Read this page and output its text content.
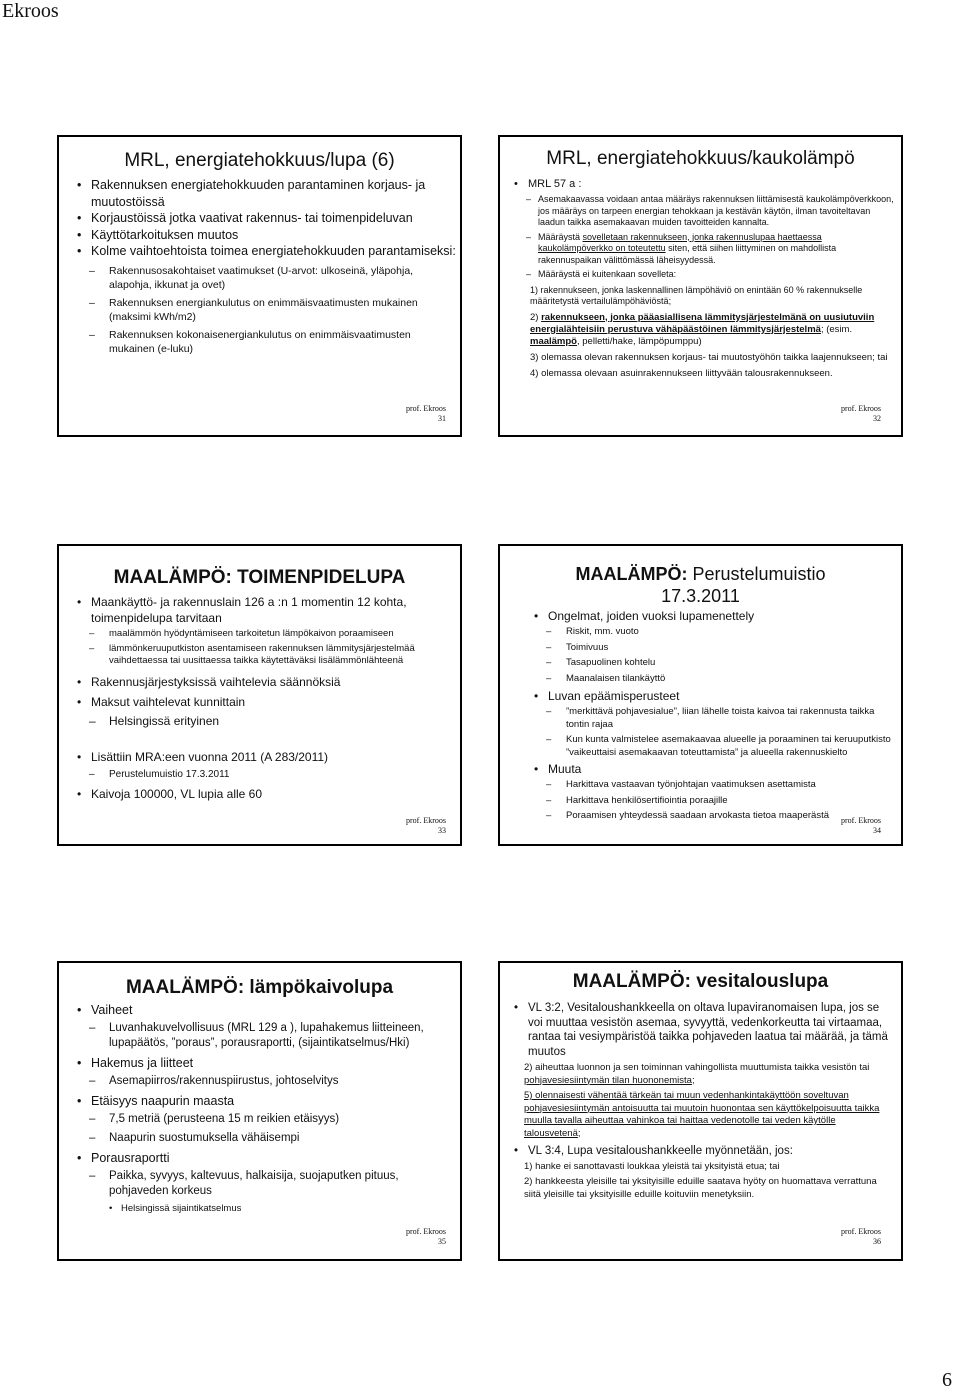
Ekroos
MRL, energiatehokkuus/lupa (6)
• Rakennuksen energiatehokkuuden parantaminen korjaus- ja muutostöissä
• Korjaustöissä jotka vaativat rakennus- tai toimenpideluvan
• Käyttötarkoituksen muutos
• Kolme vaihtoehtoista toimea energiatehokkuuden parantamiseksi:
– Rakennusosakohtaiset vaatimukset (U-arvot: ulkoseinä, yläpohja, alapohja, ikkunat ja ovet)
– Rakennuksen energiankulutus on enimmäisvaatimusten mukainen (maksimi kWh/m2)
– Rakennuksen kokonaisenergiankulutus on enimmäisvaatimusten mukainen (e-luku)
prof. Ekroos
31
MRL, energiatehokkuus/kaukolämpö
• MRL 57 a :
– Asemakaavassa voidaan antaa määräys rakennuksen liittämisestä kaukolämpöverkkoon, jos määräys on tarpeen energian tehokkaan ja kestävän käytön, ilman tavoiteltavan laadun taikka asemakaavan muiden tavoitteiden kannalta.
– Määräystä sovelletaan rakennukseen, jonka rakennuslupaa haettaessa kaukolämpöverkko on toteutettu siten, että siihen liittyminen on mahdollista rakennuspaikan välittömässä läheisyydessä.
– Määräystä ei kuitenkaan sovelleta:
1) rakennukseen, jonka laskennallinen lämpöhäviö on enintään 60 % rakennukselle määritetystä vertailulämpöhäviöstä;
2) rakennukseen, jonka pääasiallisena lämmitysjärjestelmänä on uusiutuviin energialähteisiin perustuva vähäpäästöinen lämmitysjärjestelmä; (esim. maalämpö, pelletti/hake, lämpöpumppu)
3) olemassa olevan rakennuksen korjaus- tai muutostyöhön taikka laajennukseen; tai
4) olemassa olevaan asuinrakennukseen liittyvään talousrakennukseen.
prof. Ekroos
32
MAALÄMPÖ: TOIMENPIDELUPA
• Maankäyttö- ja rakennuslain 126 a :n 1 momentin 12 kohta, toimenpidelupa tarvitaan
– maalämmön hyödyntämiseen tarkoitetun lämpökaivon poraamiseen
– lämmönkeruuputkiston asentamiseen rakennuksen lämmitysjärjestelmää vaihdettaessa tai uusittaessa taikka käytettäväksi lisälämmönlähteenä
• Rakennusjärjestyksissä vaihtelevia säännöksiä
• Maksut vaihtelevat kunnittain
– Helsingissä erityinen
• Lisättiin MRA:een vuonna 2011 (A 283/2011)
– Perustelumuistio 17.3.2011
• Kaivoja 100000, VL lupia alle 60
prof. Ekroos
33
MAALÄMPÖ: Perustelumuistio 17.3.2011
• Ongelmat, joiden vuoksi lupamenettely
– Riskit, mm. vuoto
– Toimivuus
– Tasapuolinen kohtelu
– Maanalaisen tilankäyttö
• Luvan epäämisperusteet
– ”merkittävä pohjavesialue”, liian lähelle toista kaivoa tai rakennusta taikka tontin rajaa
– Kun kunta valmistelee asemakaavaa alueelle ja poraaminen tai keruuputkisto ”vaikeuttaisi asemakaavan toteuttamista” ja alueella rakennuskielto
• Muuta
– Harkittava vastaavan työnjohtajan vaatimuksen asettamista
– Harkittava henkilösertifiointia poraajille
– Poraamisen yhteydessä saadaan arvokasta tietoa maaperästä	prof. Ekroos
34
MAALÄMPÖ: lämpökaivolupa
• Vaiheet
– Luvanhakuvelvollisuus (MRL 129 a ), lupahakemus liitteineen, lupapäätös, ”poraus”, porausraportti, (sijaintikatselmus/Hki)
• Hakemus ja liitteet
– Asemapiirros/rakennuspiirustus, johtoselvitys
• Etäisyys naapurin maasta
– 7,5 metriä (perusteena 15 m reikien etäisyys)
– Naapurin suostumuksella vähäisempi
• Porausraportti
– Paikka, syvyys, kaltevuus, halkaisija, suojaputken pituus, pohjaveden korkeus
• Helsingissä sijaintikatselmus
prof. Ekroos
35
MAALÄMPÖ: vesitalouslupa
• VL 3:2, Vesitaloushankkeella on oltava lupaviranomaisen lupa, jos se voi muuttaa vesistön asemaa, syvyyttä, vedenkorkeutta tai virtaamaa, rantaa tai vesiympäristöä taikka pohjaveden laatua tai määrää, ja tämä muutos
2) aiheuttaa luonnon ja sen toiminnan vahingollista muuttumista taikka vesistön tai pohjavesiesiintymän tilan huononemista;
5) olennaisesti vähentää tärkeän tai muun vedenhankintakäyttöön soveltuvan pohjavesiesiintymän antoisuutta tai muutoin huonontaa sen käyttökelpoisuutta taikka muulla tavalla aiheuttaa vahinkoa tai haittaa vedenotolle tai veden käytölle talousvetenä;
• VL 3:4, Lupa vesitaloushankkeelle myönnetään, jos:
1) hanke ei sanottavasti loukkaa yleistä tai yksityistä etua; tai
2) hankkeesta yleisille tai yksityisille eduille saatava hyöty on huomattava verrattuna siitä yleisille tai yksityisille eduille koituviin menetyksiin.
prof. Ekroos
36
6
